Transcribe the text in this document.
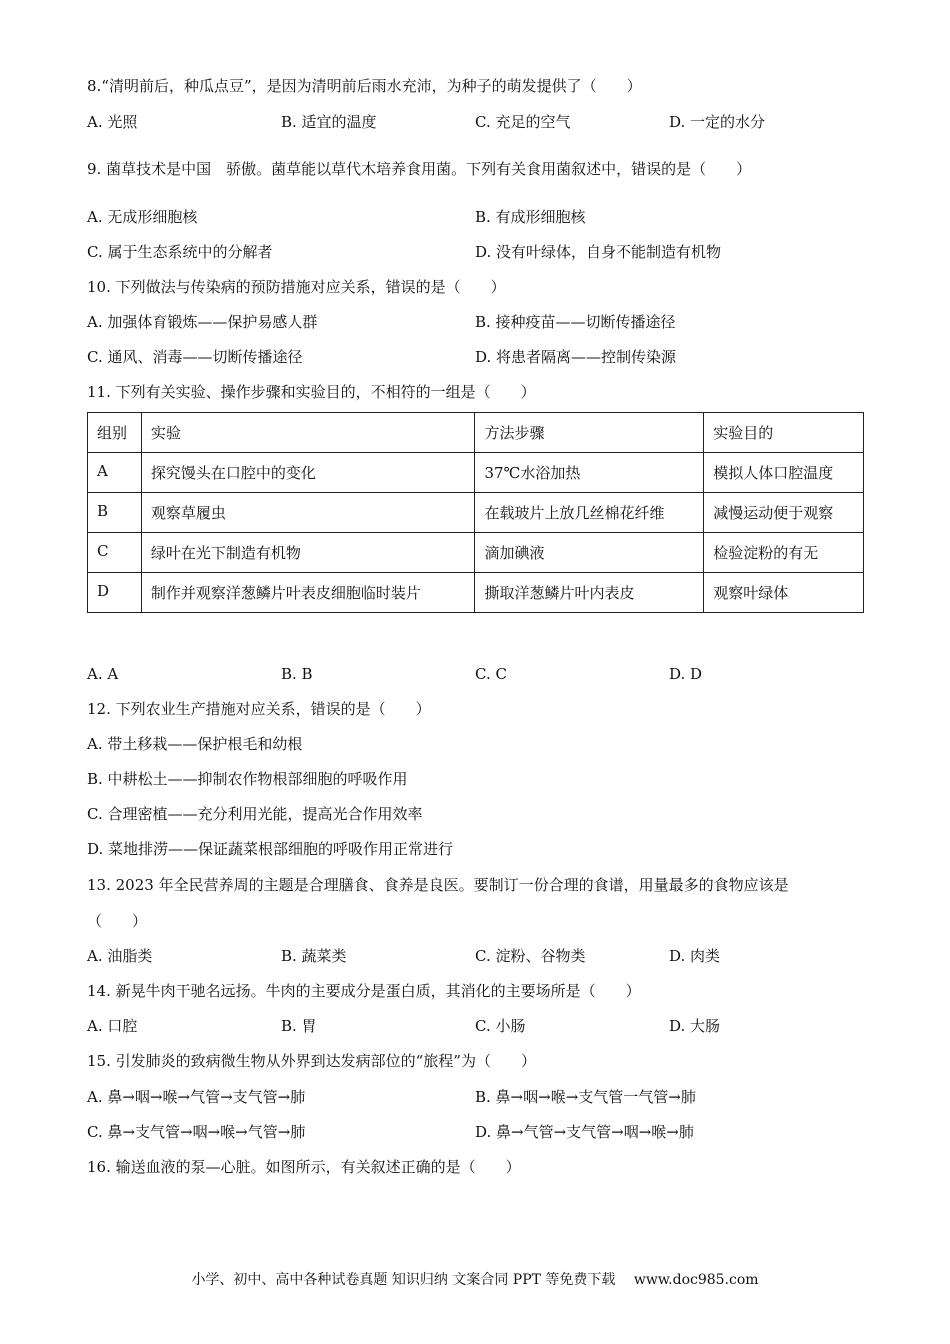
8.“清明前后，种瓜点豆”，是因为清明前后雨水充沛，为种子的萌发提供了（　　）
A. 光照	B. 适宜的温度	C. 充足的空气	D. 一定的水分
9. 菌草技术是中国　骄傲。菌草能以草代木培养食用菌。下列有关食用菌叙述中，错误的是（　　）
A. 无成形细胞核	B. 有成形细胞核
C. 属于生态系统中的分解者	D. 没有叶绿体，自身不能制造有机物
10. 下列做法与传染病的预防措施对应关系，错误的是（　　）
A. 加强体育锻炼——保护易感人群	B. 接种疫苗——切断传播途径
C. 通风、消毒——切断传播途径	D. 将患者隔离——控制传染源
11. 下列有关实验、操作步骤和实验目的，不相符的一组是（　　）
组别	实验	方法步骤	实验目的
A	探究馒头在口腔中的变化	37℃水浴加热	模拟人体口腔温度
B	观察草履虫	在载玻片上放几丝棉花纤维	减慢运动便于观察
C	绿叶在光下制造有机物	滴加碘液	检验淀粉的有无
D	制作并观察洋葱鳞片叶表皮细胞临时装片	撕取洋葱鳞片叶内表皮	观察叶绿体
A. A	B. B	C. C	D. D
12. 下列农业生产措施对应关系，错误的是（　　）
A. 带土移栽——保护根毛和幼根
B. 中耕松土——抑制农作物根部细胞的呼吸作用
C. 合理密植——充分利用光能，提高光合作用效率
D. 菜地排涝——保证蔬菜根部细胞的呼吸作用正常进行
13. 2023 年全民营养周的主题是合理膳食、食养是良医。要制订一份合理的食谱，用量最多的食物应该是
（　　）
A. 油脂类	B. 蔬菜类	C. 淀粉、谷物类	D. 肉类
14. 新晃牛肉干驰名远扬。牛肉的主要成分是蛋白质，其消化的主要场所是（　　）
A. 口腔	B. 胃	C. 小肠	D. 大肠
15. 引发肺炎的致病微生物从外界到达发病部位的“旅程”为（　　）
A. 鼻→咽→喉→气管→支气管→肺	B. 鼻→咽→喉→支气管一气管→肺
C. 鼻→支气管→咽→喉→气管→肺	D. 鼻→气管→支气管→咽→喉→肺
16. 输送血液的泵—心脏。如图所示，有关叙述正确的是（　　）
小学、初中、高中各种试卷真题 知识归纳 文案合同 PPT 等免费下载　 www.doc985.com
